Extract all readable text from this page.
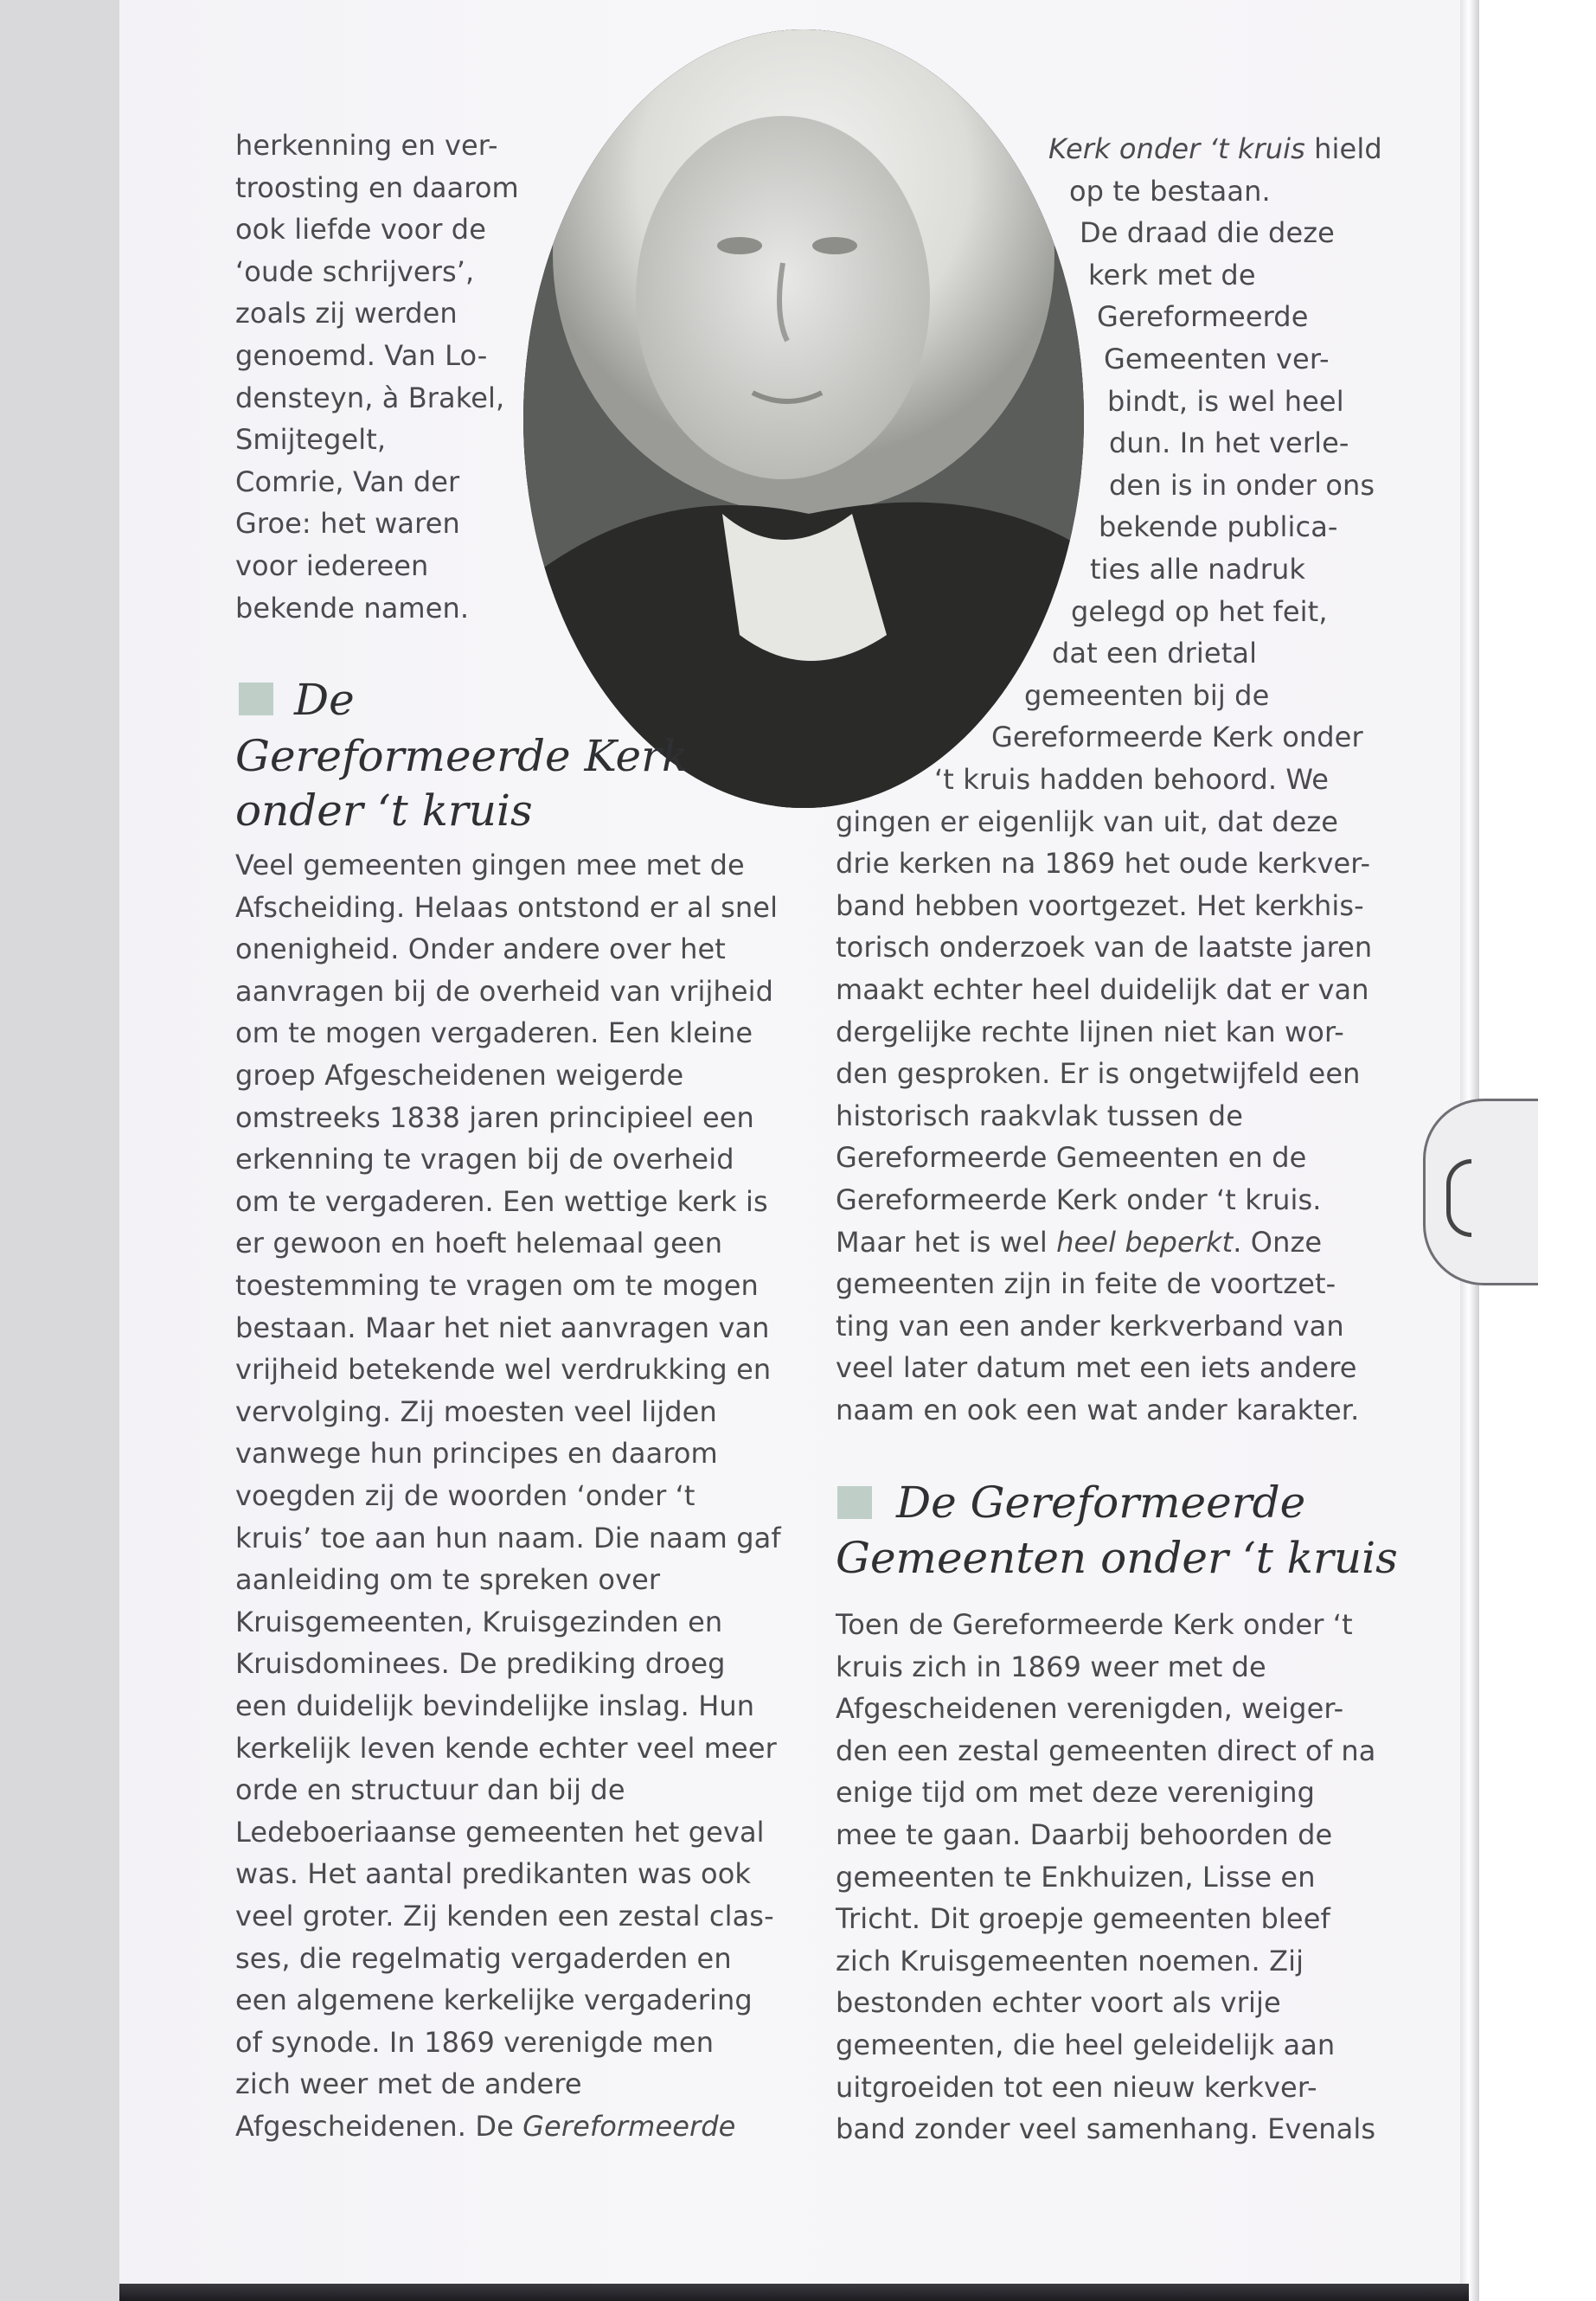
herkenning en ver-
troosting en daarom
ook liefde voor de
‘oude schrijvers’,
zoals zij werden
genoemd. Van Lo-
densteyn, à Brakel,
Smijtegelt,
Comrie, Van der
Groe: het waren
voor iedereen
bekende namen.
De
Gereformeerde Kerk
onder ‘t kruis
Veel gemeenten gingen mee met de
Afscheiding. Helaas ontstond er al snel
onenigheid. Onder andere over het
aanvragen bij de overheid van vrijheid
om te mogen vergaderen. Een kleine
groep Afgescheidenen weigerde
omstreeks 1838 jaren principieel een
erkenning te vragen bij de overheid
om te vergaderen. Een wettige kerk is
er gewoon en hoeft helemaal geen
toestemming te vragen om te mogen
bestaan. Maar het niet aanvragen van
vrijheid betekende wel verdrukking en
vervolging. Zij moesten veel lijden
vanwege hun principes en daarom
voegden zij de woorden ‘onder ‘t
kruis’ toe aan hun naam. Die naam gaf
aanleiding om te spreken over
Kruisgemeenten, Kruisgezinden en
Kruisdominees. De prediking droeg
een duidelijk bevindelijke inslag. Hun
kerkelijk leven kende echter veel meer
orde en structuur dan bij de
Ledeboeriaanse gemeenten het geval
was. Het aantal predikanten was ook
veel groter. Zij kenden een zestal clas-
ses, die regelmatig vergaderden en
een algemene kerkelijke vergadering
of synode. In 1869 verenigde men
zich weer met de andere
Afgescheidenen. De Gereformeerde
Kerk onder ‘t kruis hield
op te bestaan.
De draad die deze
kerk met de
Gereformeerde
Gemeenten ver-
bindt, is wel heel
dun. In het verle-
den is in onder ons
bekende publica-
ties alle nadruk
gelegd op het feit,
dat een drietal
gemeenten bij de
Gereformeerde Kerk onder
‘t kruis hadden behoord. We
gingen er eigenlijk van uit, dat deze
drie kerken na 1869 het oude kerkver-
band hebben voortgezet. Het kerkhis-
torisch onderzoek van de laatste jaren
maakt echter heel duidelijk dat er van
dergelijke rechte lijnen niet kan wor-
den gesproken. Er is ongetwijfeld een
historisch raakvlak tussen de
Gereformeerde Gemeenten en de
Gereformeerde Kerk onder ‘t kruis.
Maar het is wel heel beperkt. Onze
gemeenten zijn in feite de voortzet-
ting van een ander kerkverband van
veel later datum met een iets andere
naam en ook een wat ander karakter.
De Gereformeerde
Gemeenten onder ‘t kruis
Toen de Gereformeerde Kerk onder ‘t
kruis zich in 1869 weer met de
Afgescheidenen verenigden, weiger-
den een zestal gemeenten direct of na
enige tijd om met deze vereniging
mee te gaan. Daarbij behoorden de
gemeenten te Enkhuizen, Lisse en
Tricht. Dit groepje gemeenten bleef
zich Kruisgemeenten noemen. Zij
bestonden echter voort als vrije
gemeenten, die heel geleidelijk aan
uitgroeiden tot een nieuw kerkver-
band zonder veel samenhang. Evenals
